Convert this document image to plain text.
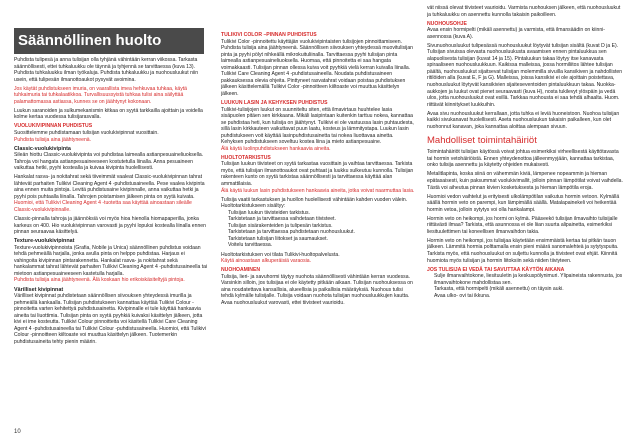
Säännöllinen huolto
Puhdista tulipesä ja anna tulisijan olla tyhjänä vähintään kerran viikossa. Tarkasta säännöllisesti, ettei tuhkaluukku ole täynnä ja tyhjennä se tarvittaessa (kuva 13). Puhdista tuhkaluukku ilman työkaluja. Puhdista tuhkaluukku ja nuohousluukut niin usein, että tulipesän ilmanottoaukot pysyvät avoimina.
Jos käytät puhdistukseen imuria, on vaarallista imea hehkuvaa tuhkaa, käytä tuhkaimuria tai tuhkalaatikkoa. Turvallisuussyistä tuhkaa tulisi aina säilyttää palamattomassa astiassa, kunnes se on jäähtynyt kokonaan.
Luukun saranoiden ja sulkumekanismin kitkaa on syytä tarkkailla ajoittain ja voidella kolme kertaa vuodessa tulisijarasvalla.
VUOLUKIVIPINNAN PUHDISTUS
Suosittelemme puhdistamaan tulisijan vuolukivipinnat vuosittain.
Puhdista tulisija aina jäähtyneenä.
Classic-vuolukivipinta
Sileän hiottu Classic-vuolukivipinta voi puhdistaa laimealla astianpesuaineliuoksella. Tahroja voi hangata astianpesuaineeseen kostutetulla liinalla. Anna pesuaineen vaikuttaa hetki, pyyhi kostealla ja kuivaa kivipinta huolellisesti.
Hankalat rasva- ja nokitahrat sekä tiiveimmät vaaleat Classic-vuolukivipinnan tahrat lähtevät parhaiten Tulikivi Cleaning Agent 4 -puhdistusaineella. Pese vaalea kivipinta aina ennen muita pintoja. Levitä puhdistusaine kivipinnalle, anna vaikuttaa hetki ja pyyhi pois puhtaalla liinalla. Tahrojen poistamisen jälkeen pinta on syytä kuivata.
Huomioi, että Tulikivi Cleaning Agent 4 -tuotetta saa käyttää ainoastaan sileälle Classic-vuolukivipinnalle.
Classic-pinnalla tahroja ja jäännöksiä voi myös hioa hienolla hiomapaperilla, jonka karkeus on 400. Hio vuolukivipinnan varovasti ja pyyhi lopuksi kostealla liinalla ennen pinnan seuraavaa käsittelyä.
Texture-vuolukivipinnat
Texture-vuolukivipinnoista (Grafia, Nobile ja Unica) säännöllinen puhdistus voidaan tehdä pehmeällä harjalla, jonka avulla pinta on helppo puhdistaa. Harjaus ei vahingoita kivipinnan pintarakennetta. Hankalat rasva- ja nokitahrat sekä hankalammat tahrat lähtevät parhaiten Tulikivi Cleaning Agent 4 -puhdistusaineella tai mietoon astianpesuaineeseen kastetulla harjalla.
Puhdista tulisija aina jäähtyneenä. Älä koskaan hio erikoiskäsiteltyjä pintoja.
Värilliset kivipinnat
Värilliset kivipinnat puhdistetaan säännöllisen siivouksen yhteydessä imurilla ja pehmeällä kankaalla. Tulisijan puhdistukseen kannattaa käyttää Tulikivi Colour -pinnoitetta varten kehitettyä puhdistusainetta. Kivipinnalle ei tule käyttää hankaavia aineita tai liuottimia. Tulisijan pinta on syytä pyyhkiä kuivaksi käsittelyn jälkeen, jotta kivi ei ime kosteutta. Tulikivi Colour pinnoitteita voi käsitellä Tulikivi Care Cleaning Agent 4 -puhdistusaineella tai Tulikivi Colour -puhdistusaineella. Huomioi, että Tulikivi Colour -pinnoitteen kiiltoaste voi muuttua käsittelyn jälkeen. Tuotemerkin puhdistusaineita tehty pienin määrin.
TULIKIVI COLOR –PINNAN PUHDISTUS
Tulikivi Color -pinnoitettu käyttäjän vuolukivipintaisten tulisijojen pinnoittamiseen. Puhdista tulisija aina jäähtyneenä. Säännöllisen siivouksen yhteydessä muovitulisijan pinta ja pyyhi pölyt nihkeällä mikrokuituliinalla. Tarvittaessa pyyhi tulisijan pinta laimealla astianpesuaineliuoksella. Huomaa, että pinnoitetta ei saa hangata voimakkaasti. Tulisijan pinnan ollessa kuiva voit pyyhkiä vielä kerran kuivalla liinalla. Tulikivi Care Cleaning Agent 4 -puhdistusaineella. Noudata puhdistusaineen pakkauksessa olevia ohjeita. Pinttyneet rasvatahrat voidaan poistaa puhdistuksen jälkeen käsittelemällä Tulikivi Color -pinnoitteen kiiltoaste voi muuttua käsittelyn jälkeen.
LUUKUN LASIN JA KEHYKSEN PUHDISTUS
Tulikivi-tulisijojen luukut on suunniteltu siten, että ilmavirtaus huuhtelee lasia sisäpuolen pitäen sen kirkkaana. Mikäli lasipintaan kuitenkin tarttuu nokea, kannattaa se puhdistaa heti, kun tulisija on jäähtynyt. Tulikivi ei ole vastuussa lasin puhtaudesta, sillä lasin kirkkauteen vaikuttavat puun laatu, kosteus ja lämmitystapa. Luukun lasin puhdistukseen voit käyttää lasinpuhdistusainetta tai nokea liuottavaa ainetta. Kehyksen puhdistukseen soveltuu kostea liina ja mieto astianpesuaine.
Älä käytä luolinpuhdistukseen hankaavia aineita.
HUOLTOTARKISTUS
Tulisijan luukun tiivisteet on syytä tarkastaa vuosittain ja vaihtaa tarvittaessa. Tarkista myös, että tulisijan ilmanottoaukot ovat puhtaat ja luukku sulkeutuu kunnolla. Tulisijan rakenteen kunto on syytä tarkistaa säännöllisesti ja tarvittaessa käyttää alan ammattilaisia.
Älä käytä luukun lasin puhdistukseen hankaavia aineita, jotka voivat naarmuttaa lasia.
Tulisija vaatii tarkastuksen ja huollon huolellisesti vähintään kahden vuoden välein. Huoltotarkistukseen sisältyy:
• Tulisijan luukun tiivisteiden tarkistus.
• Tarkistetaan ja tarvittaessa vaihdetaan tiivisteet.
• Tulisijan sisärakenteiden ja tulipesän tarkistus.
• Tarkistetaan ja tarvittaessa puhdistetaan nuohousluukut.
• Tarkistetaan tulisijan liitokset ja saumaukset.
• Voitelu tarvittaessa.
Huoltotarkistuksen voi tilata Tulikivi-huoltopalvelusta.
Käytä ainoastaan alkuperäisiä varaosia.
NUOHOAMINEN
Tulisija, lieri- ja savuhormi täytyy nuohota säännöllisesti vähintään kerran vuodessa. Varsinkin silloin, jos tulisijaa ei ole käytetty pitkään aikaan. Tulisijan nuohouksessa on aina noudatettava kansallisia, alueellisia ja paikallisia määräyksiä. Nuohous tulisi tehdä kylmälle tulisijalle. Tulisija voidaan nuohota tulisijan nuohousluukkujen kautta. Avaa nuohousluukut varovasti, ettei tiivisteet vaurioidu.
vät niissä olevat tiivisteet vaurioidu. Varmista nuohouksen jälkeen, että nuohousluukut ja tuhkaluukku on asennettu kunnolla takaisin paikoilleen.
NUOHOUSOHJE
Avaa ensin hormipelti (mikäli asennettu) ja varmista, että ilmansäädin on kiinni-asennossa (kuva A).
Sivunuohousluukut tulipesässä nuohousluukut löytyvät tulisijan sisältä (kuvat D ja E). Tulisijan sivuissa olevasta nuohousluukusta avaamisen ennen pintaluukkua sen alapuolisesta tulisijan (kuvat 14 ja 15). Pintaluukun takaa löytyy itse kanavasta spiraaliseen nuohousluukkuun. Kaikissa malleissa, jossa hormiliitos lähtee tulisijan päältä, nuohousluukut sijaitsevat tulisijan molemmilla sivuilla kansikiven ja nahdollisten ritilöiden alla (kuvat E, F ja G). Malleissa, joissa kansikivi ei ole ajoittain poistettava, nuohousluukut löytyvät kansikivien sijaiteseventoiden pintaluukkuun takaa. Nuokka-aukkojen ja luukut ovat pienet seuraavasti (kuva H), nosta tukilevyt ylöspäin ja vedä ulos, jotta nuohousluukut ovat esillä. Tarkkaa nuohousta ei saa tehdä alhaalta. Huom. riittävät kiinnitykset luukkuihin.
Avaa sivu nuohousluukut kerrallaan, jotta tuhka ei leviä huoneistoon. Nuohoa tulisijan kaikki sivukanavat huolellisesti. Aseta nuohousluukun takaisin paikalleen, kun olet nuohonnut kanavan, joka kannattaa aloittaa alempaan sivuun.
Mahdolliset toimintahäiriöt
Toimintahäiriöt tulisijan käytössä voivat johtua esimerkiksi virheellisestä käyttötavasta tai hormin vetohäiriöistä. Ennen yhteydenottoa jälleenmyyjään, kannattaa tarkistaa, onko tulisija asennettu ja käytetty ohjeiden mukaisesti.
Metalitlapinta, koska siinä on vähemmän kiviä, lämpenee nopeammin ja hieman epätasaisesti, kuin paksummat vuolukivimallit, jolloin pinnan lämpötilat voivat vaihdella. Tästä voi aiheutua pinnan kivien kosketuksesta ja hieman lämpötila eroja.
Huomioi vedon vaihtelut ja erityisesti ulkolämpötilan vaikutus hormin vetoon. Kylmällä säällä hormin veto on parempi, kun lämpimällä säällä. Matalapainekeli voi heikentää hormin vetoa, jolloin sytytys voi olla hankalampi.
Hormin veto on heikompi, jos hormi on kylmä. Pääseekö tulisijan ilmavaihto tulisijalle riittävästi ilmaa? Tarkista, että asunnossa ei ole liian suurta alipainetta, esimerkiksi liesituulettimen tai koneellisen ilmanvaihdon takia.
Hormin veto on heikompi, jos tulisijaa käytetään ensimmäistä kertaa tai pitkän tauon jälkeen. Lämmitä hormia polttamalla ensin pieni määrä sanomalehteä ja sytytyspuita. Tarkista myös, että nuohousluukut on suljettu kunnolla ja tiivisteet ovat ehjät. Kiinnitä huomiota myös tulisijan ja hormin liitoksiin sekä niiden tiiviyteen.
JOS TULISIJA EI VEDÄ TAI SAVUTTAA KÄYTÖN AIKANA
• Sulje ilmanvaihtokone, liesituuletin ja keskuspölynimuri. Ylipaineista rakennusta, jos ilmanvaihtokone mahdollistaa sen.
• Tarkasta, että hormipelti (mikäli asennettu) on täysin auki.
• Avaa ulko- ovi tai ikkuna.
10
